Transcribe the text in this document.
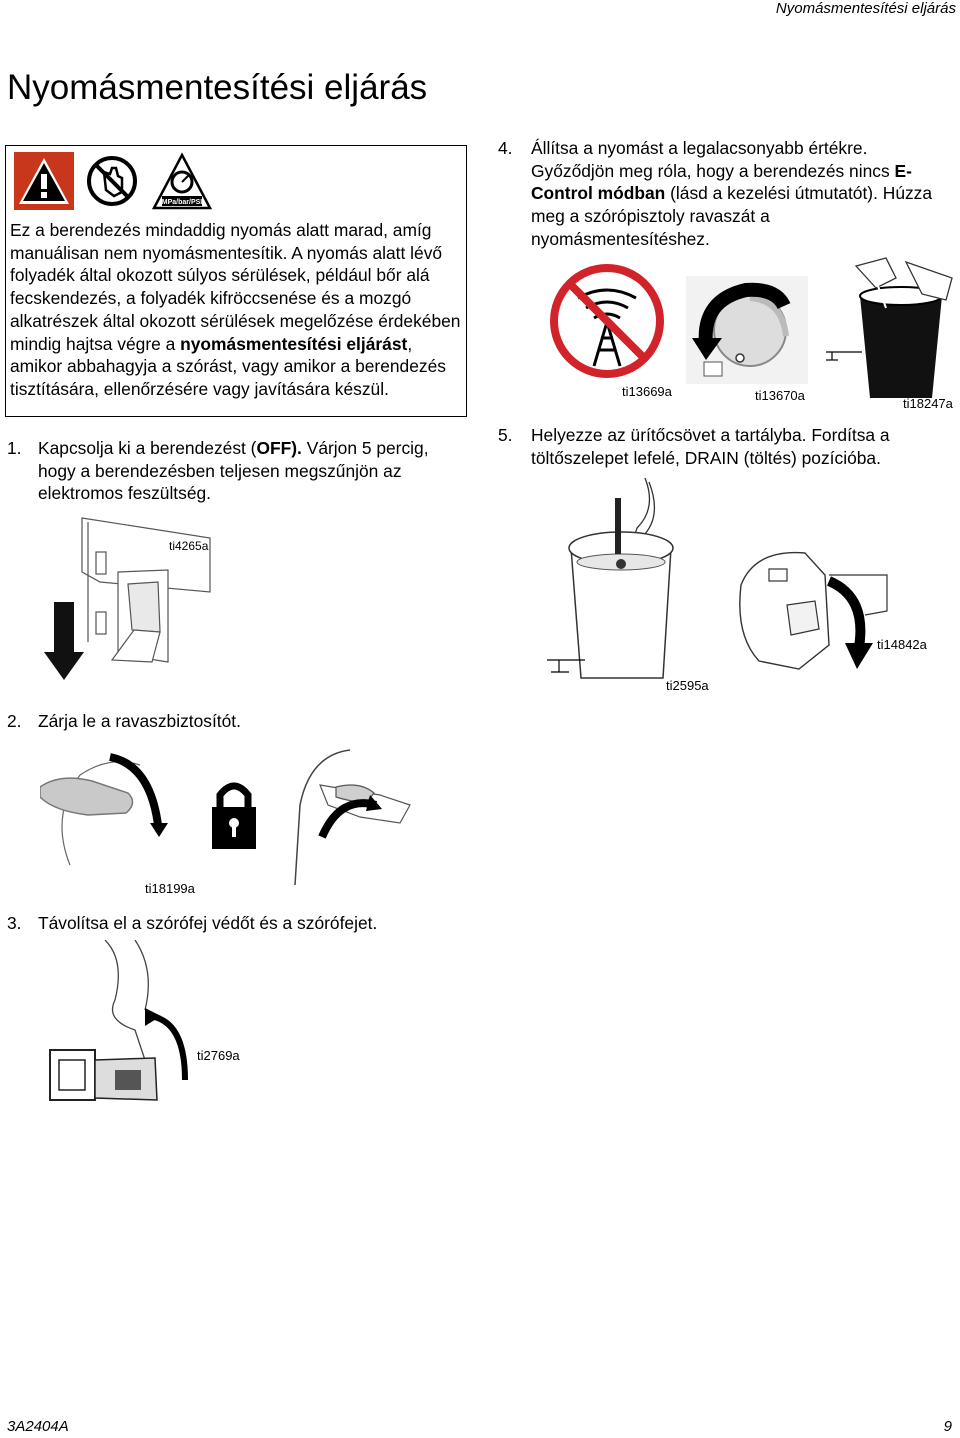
Nyomásmentesítési eljárás
Nyomásmentesítési eljárás
MPa/bar/PSI
Ez a berendezés mindaddig nyomás alatt marad, amíg manuálisan nem nyomásmentesítik. A nyomás alatt lévő folyadék által okozott súlyos sérülések, például bőr alá fecskendezés, a folyadék kifröccsenése és a mozgó alkatrészek által okozott sérülések megelőzése érdekében mindig hajtsa végre a nyomásmentesítési eljárást, amikor abbahagyja a szórást, vagy amikor a berendezés tisztítására, ellenőrzésére vagy javítására készül.
1. Kapcsolja ki a berendezést (OFF). Várjon 5 percig, hogy a berendezésben teljesen megszűnjön az elektromos feszültség.
ti4265a
2. Zárja le a ravaszbiztosítót.
ti18199a
3. Távolítsa el a szórófej védőt és a szórófejet.
ti2769a
4. Állítsa a nyomást a legalacsonyabb értékre. Győződjön meg róla, hogy a berendezés nincs E-Control módban (lásd a kezelési útmutatót). Húzza meg a szórópisztoly ravaszát a nyomásmentesítéshez.
ti13669a	ti13670a
ti18247a
5. Helyezze az ürítőcsövet a tartályba. Fordítsa a töltőszelepet lefelé, DRAIN (töltés) pozícióba.
ti2595a
ti14842a
3A2404A	9
